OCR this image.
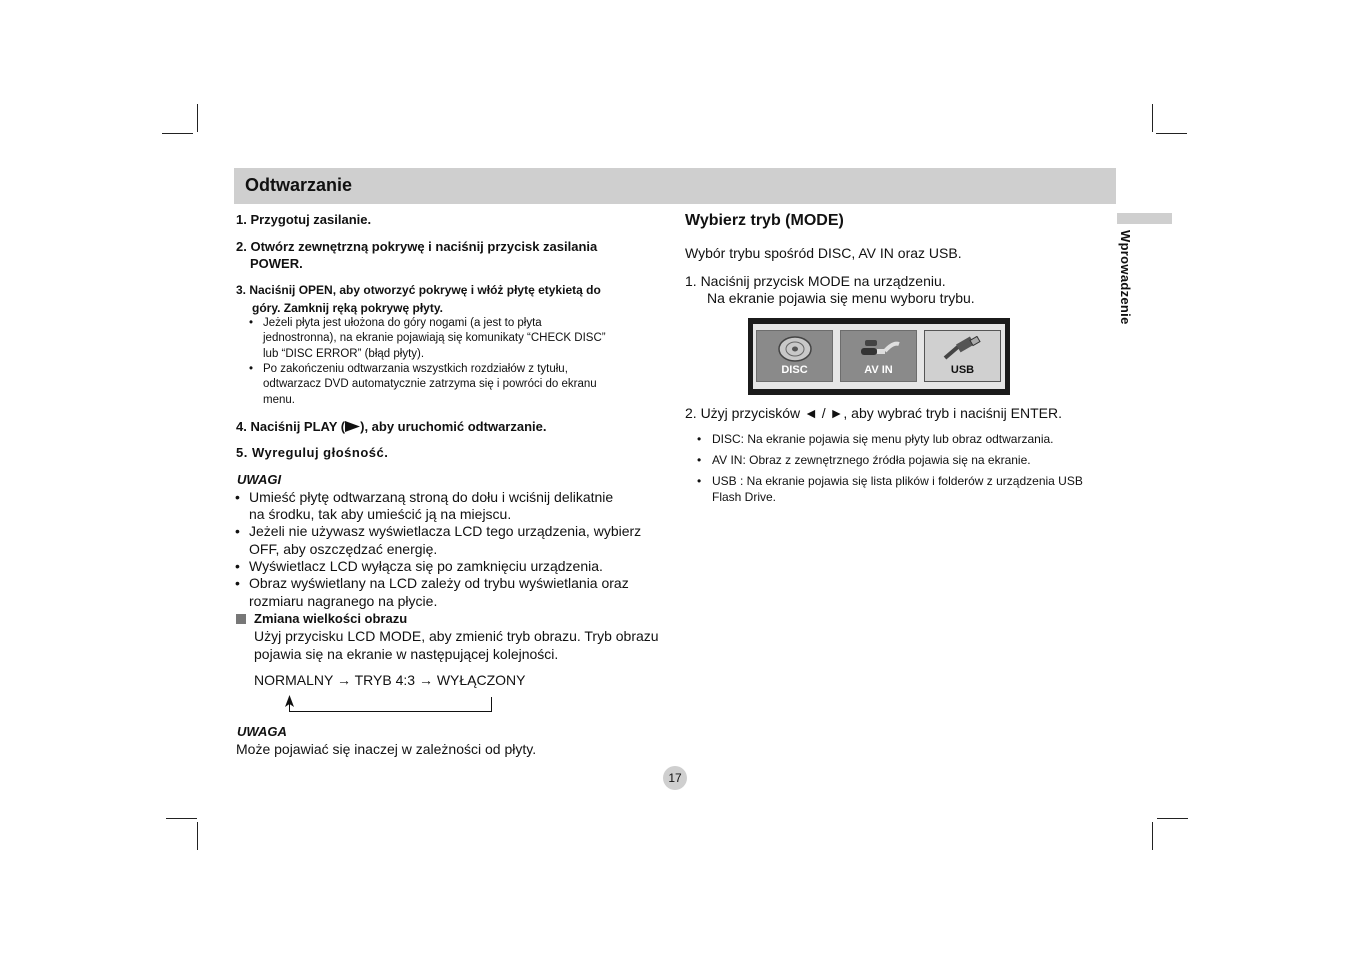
Odtwarzanie
Wprowadzenie
1. Przygotuj zasilanie.
2. Otwórz zewnętrzną pokrywę i naciśnij przycisk zasilania
POWER.
3. Naciśnij OPEN, aby otworzyć pokrywę i włóż płytę etykietą do
góry. Zamknij ręką pokrywę płyty.
• Jeżeli płyta jest ułożona do góry nogami (a jest to płyta
jednostronna), na ekranie pojawiają się komunikaty “CHECK DISC”
lub “DISC ERROR” (błąd płyty).
• Po zakończeniu odtwarzania wszystkich rozdziałów z tytułu,
odtwarzacz DVD automatycznie zatrzyma się i powróci do ekranu
menu.
4. Naciśnij PLAY ( ), aby uruchomić odtwarzanie.
5. Wyreguluj głośność.
UWAGI
• Umieść płytę odtwarzaną stroną do dołu i wciśnij delikatnie
na środku, tak aby umieścić ją na miejscu.
• Jeżeli nie używasz wyświetlacza LCD tego urządzenia, wybierz
OFF, aby oszczędzać energię.
• Wyświetlacz LCD wyłącza się po zamknięciu urządzenia.
• Obraz wyświetlany na LCD zależy od trybu wyświetlania oraz
rozmiaru nagranego na płycie.
Zmiana wielkości obrazu
Użyj przycisku LCD MODE, aby zmienić tryb obrazu. Tryb obrazu
pojawia się na ekranie w następującej kolejności.
NORMALNY → TRYB 4:3 → WYŁĄCZONY
UWAGA
Może pojawiać się inaczej w zależności od płyty.
Wybierz tryb (MODE)
Wybór trybu spośród DISC, AV IN oraz USB.
1. Naciśnij przycisk MODE na urządzeniu.
Na ekranie pojawia się menu wyboru trybu.
DISC	AV IN	USB
2. Użyj przycisków ◄ / ►, aby wybrać tryb i naciśnij ENTER.
• DISC: Na ekranie pojawia się menu płyty lub obraz odtwarzania.
• AV IN: Obraz z zewnętrznego źródła pojawia się na ekranie.
• USB : Na ekranie pojawia się lista plików i folderów z urządzenia USB
Flash Drive.
17
